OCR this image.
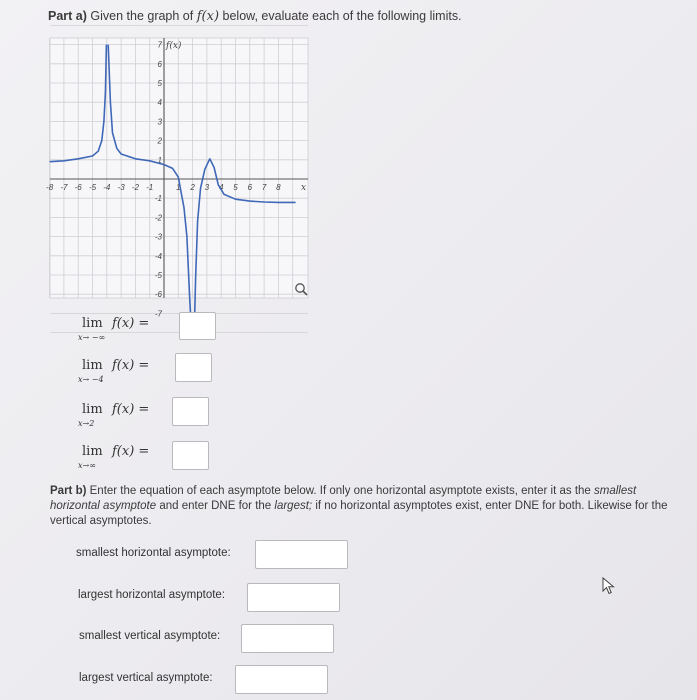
Part a) Given the graph of f(x) below, evaluate each of the following limits.
-8 -7 -6 -5 -4 -3 -2 -1	1 2 3 4 5 6 7 8
7
6
5
4
3
2
1
-1
-2
-3
-4
-5
-6
-7
f(x)
x
lim
x→ −∞
f(x) =
lim
x→ −4
f(x) =
lim
x→2
f(x) =
lim
x→∞
f(x) =
Part b) Enter the equation of each asymptote below. If only one horizontal asymptote exists, enter it as the smallest horizontal asymptote and enter DNE for the largest; if no horizontal asymptotes exist, enter DNE for both. Likewise for the vertical asymptotes.
smallest horizontal asymptote:
largest horizontal asymptote:
smallest vertical asymptote:
largest vertical asymptote:
